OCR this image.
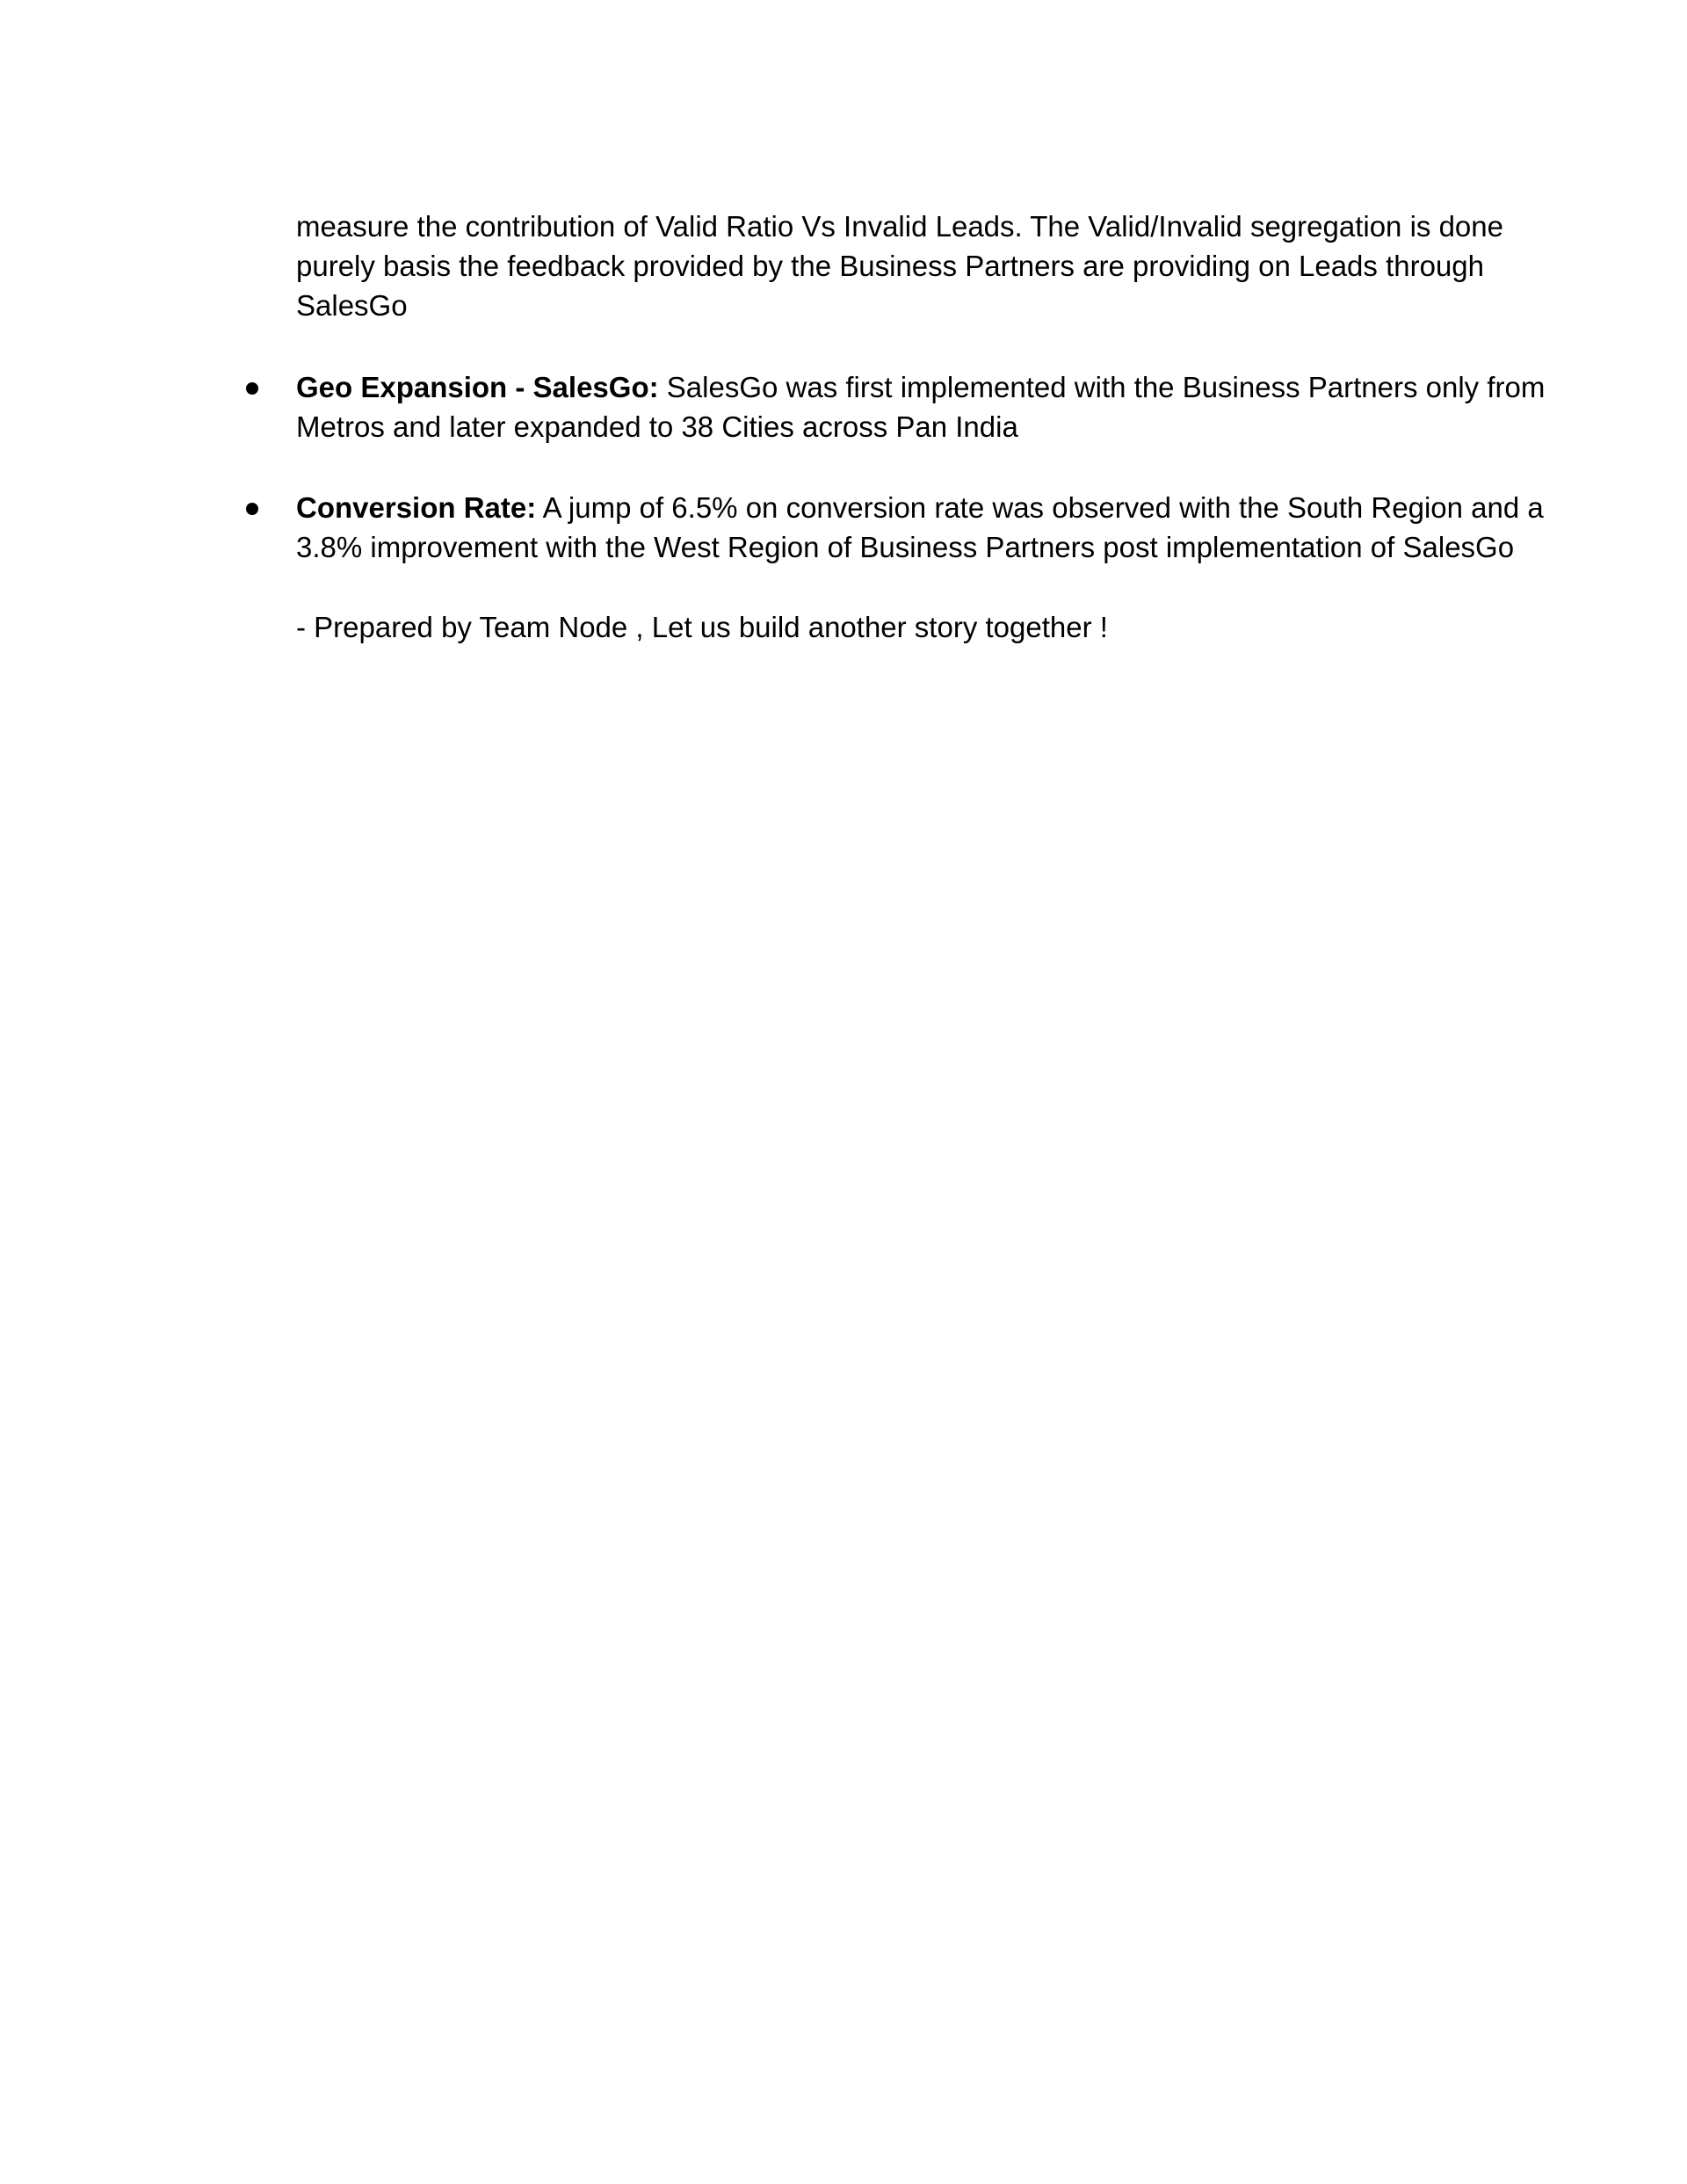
measure the contribution of Valid Ratio Vs Invalid Leads. The Valid/Invalid segregation is done
purely basis the feedback provided by the Business Partners are providing on Leads through
SalesGo
Geo Expansion - SalesGo: SalesGo was first implemented with the Business Partners only from
Metros and later expanded to 38 Cities across Pan India
Conversion Rate: A jump of 6.5% on conversion rate was observed with the South Region and a
3.8% improvement with the West Region of Business Partners post implementation of SalesGo
- Prepared by Team Node , Let us build another story together !
